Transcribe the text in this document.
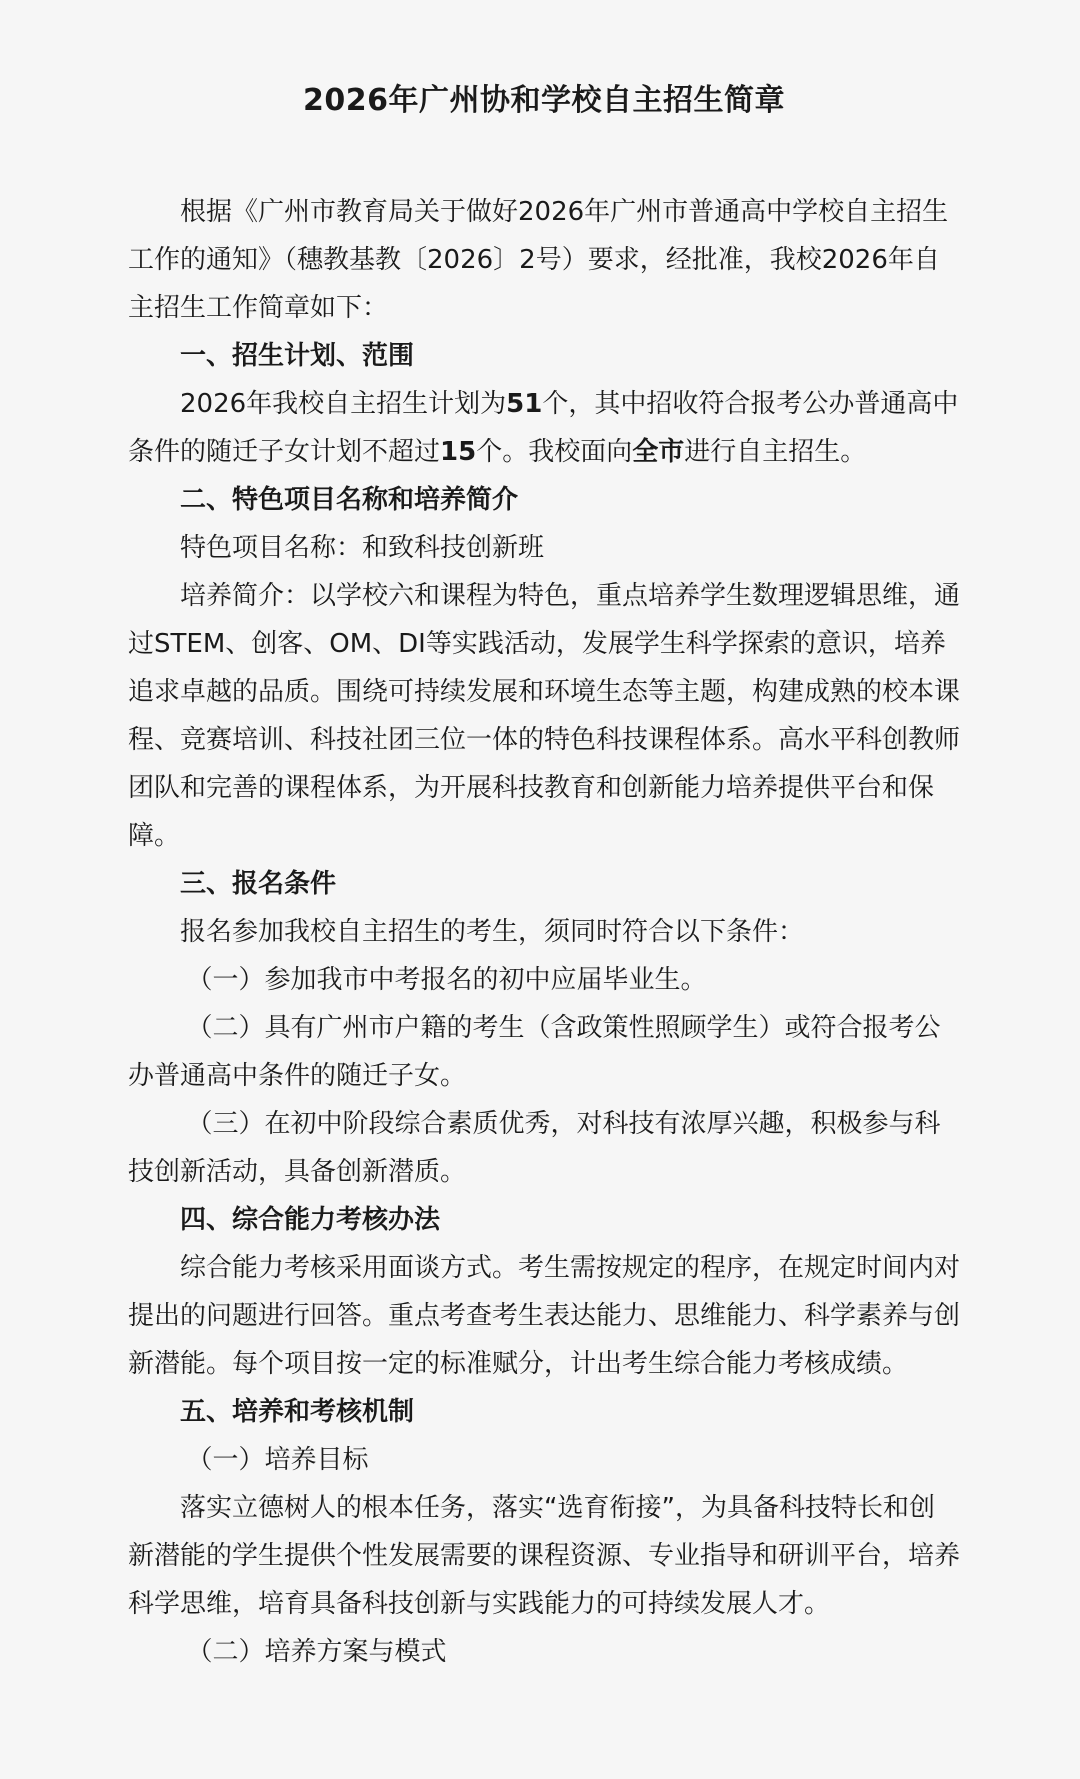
2026年广州协和学校自主招生简章

根据《广州市教育局关于做好2026年广州市普通高中学校自主招生工作的通知》（穗教基教〔2026〕2号）要求，经批准，我校2026年自主招生工作简章如下：

一、招生计划、范围

2026年我校自主招生计划为51个，其中招收符合报考公办普通高中条件的随迁子女计划不超过15个。我校面向全市进行自主招生。

二、特色项目名称和培养简介

特色项目名称：和致科技创新班

培养简介：以学校六和课程为特色，重点培养学生数理逻辑思维，通过STEM、创客、OM、DI等实践活动，发展学生科学探索的意识，培养追求卓越的品质。围绕可持续发展和环境生态等主题，构建成熟的校本课程、竞赛培训、科技社团三位一体的特色科技课程体系。高水平科创教师团队和完善的课程体系，为开展科技教育和创新能力培养提供平台和保障。

三、报名条件

报名参加我校自主招生的考生，须同时符合以下条件：

（一）参加我市中考报名的初中应届毕业生。

（二）具有广州市户籍的考生（含政策性照顾学生）或符合报考公办普通高中条件的随迁子女。

（三）在初中阶段综合素质优秀，对科技有浓厚兴趣，积极参与科技创新活动，具备创新潜质。

四、综合能力考核办法

综合能力考核采用面谈方式。考生需按规定的程序，在规定时间内对提出的问题进行回答。重点考查考生表达能力、思维能力、科学素养与创新潜能。每个项目按一定的标准赋分，计出考生综合能力考核成绩。

五、培养和考核机制

（一）培养目标

落实立德树人的根本任务，落实“选育衔接”，为具备科技特长和创新潜能的学生提供个性发展需要的课程资源、专业指导和研训平台，培养科学思维，培育具备科技创新与实践能力的可持续发展人才。

（二）培养方案与模式
